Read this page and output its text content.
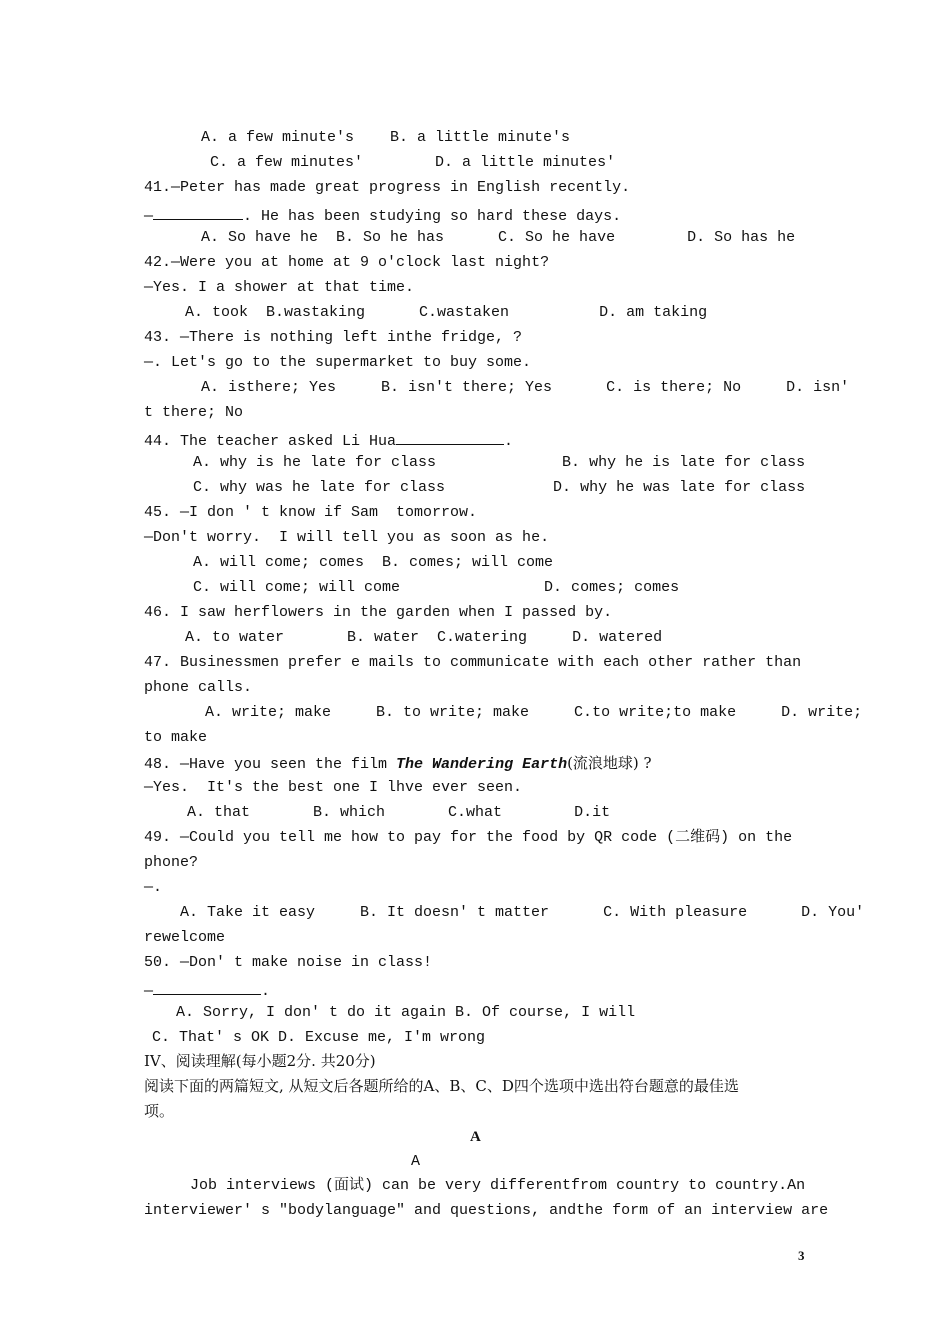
A. a few minute's    B. a little minute's
C. a few minutes'        D. a little minutes'
41.—Peter has made great progress in English recently.
—	. He has been studying so hard these days.
A. So have he  B. So he has      C. So he have        D. So has he
42.—Were you at home at 9 o'clock last night?
—Yes. I a shower at that time.
A. took  B.wastaking      C.wastaken          D. am taking
43. —There is nothing left inthe fridge, ?
—. Let's go to the supermarket to buy some.
A. isthere; Yes     B. isn't there; Yes      C. is there; No     D. isn'
t there; No
44. The teacher asked Li Hua	.
A. why is he late for class              B. why he is late for class
C. why was he late for class            D. why he was late for class
45. —I don ' t know if Sam  tomorrow.
—Don't worry.  I will tell you as soon as he.
A. will come; comes  B. comes; will come
C. will come; will come                D. comes; comes
46. I saw herflowers in the garden when I passed by.
A. to water       B. water  C.watering     D. watered
47. Businessmen prefer e mails to communicate with each other rather than
phone calls.
A. write; make     B. to write; make     C.to write;to make     D. write;
to make
48. —Have you seen the film The Wandering Earth(流浪地球) ?
—Yes.  It's the best one I lhve ever seen.
A. that       B. which       C.what        D.it
49. —Could you tell me how to pay for the food by QR code (二维码) on the
phone?
—.
A. Take it easy     B. It doesn' t matter      C. With pleasure      D. You'
rewelcome
50. —Don' t make noise in class!
—	.
A. Sorry, I don' t do it again B. Of course, I will
C. That' s OK D. Excuse me, I'm wrong
IV、阅读理解(每小题2分. 共20分)
阅读下面的两篇短文, 从短文后各题所给的A、B、C、D四个选项中选出符台题意的最佳选
项。
A
A
Job interviews (面试) can be very differentfrom country to country.An
interviewer' s "bodylanguage" and questions, andthe form of an interview are
3
